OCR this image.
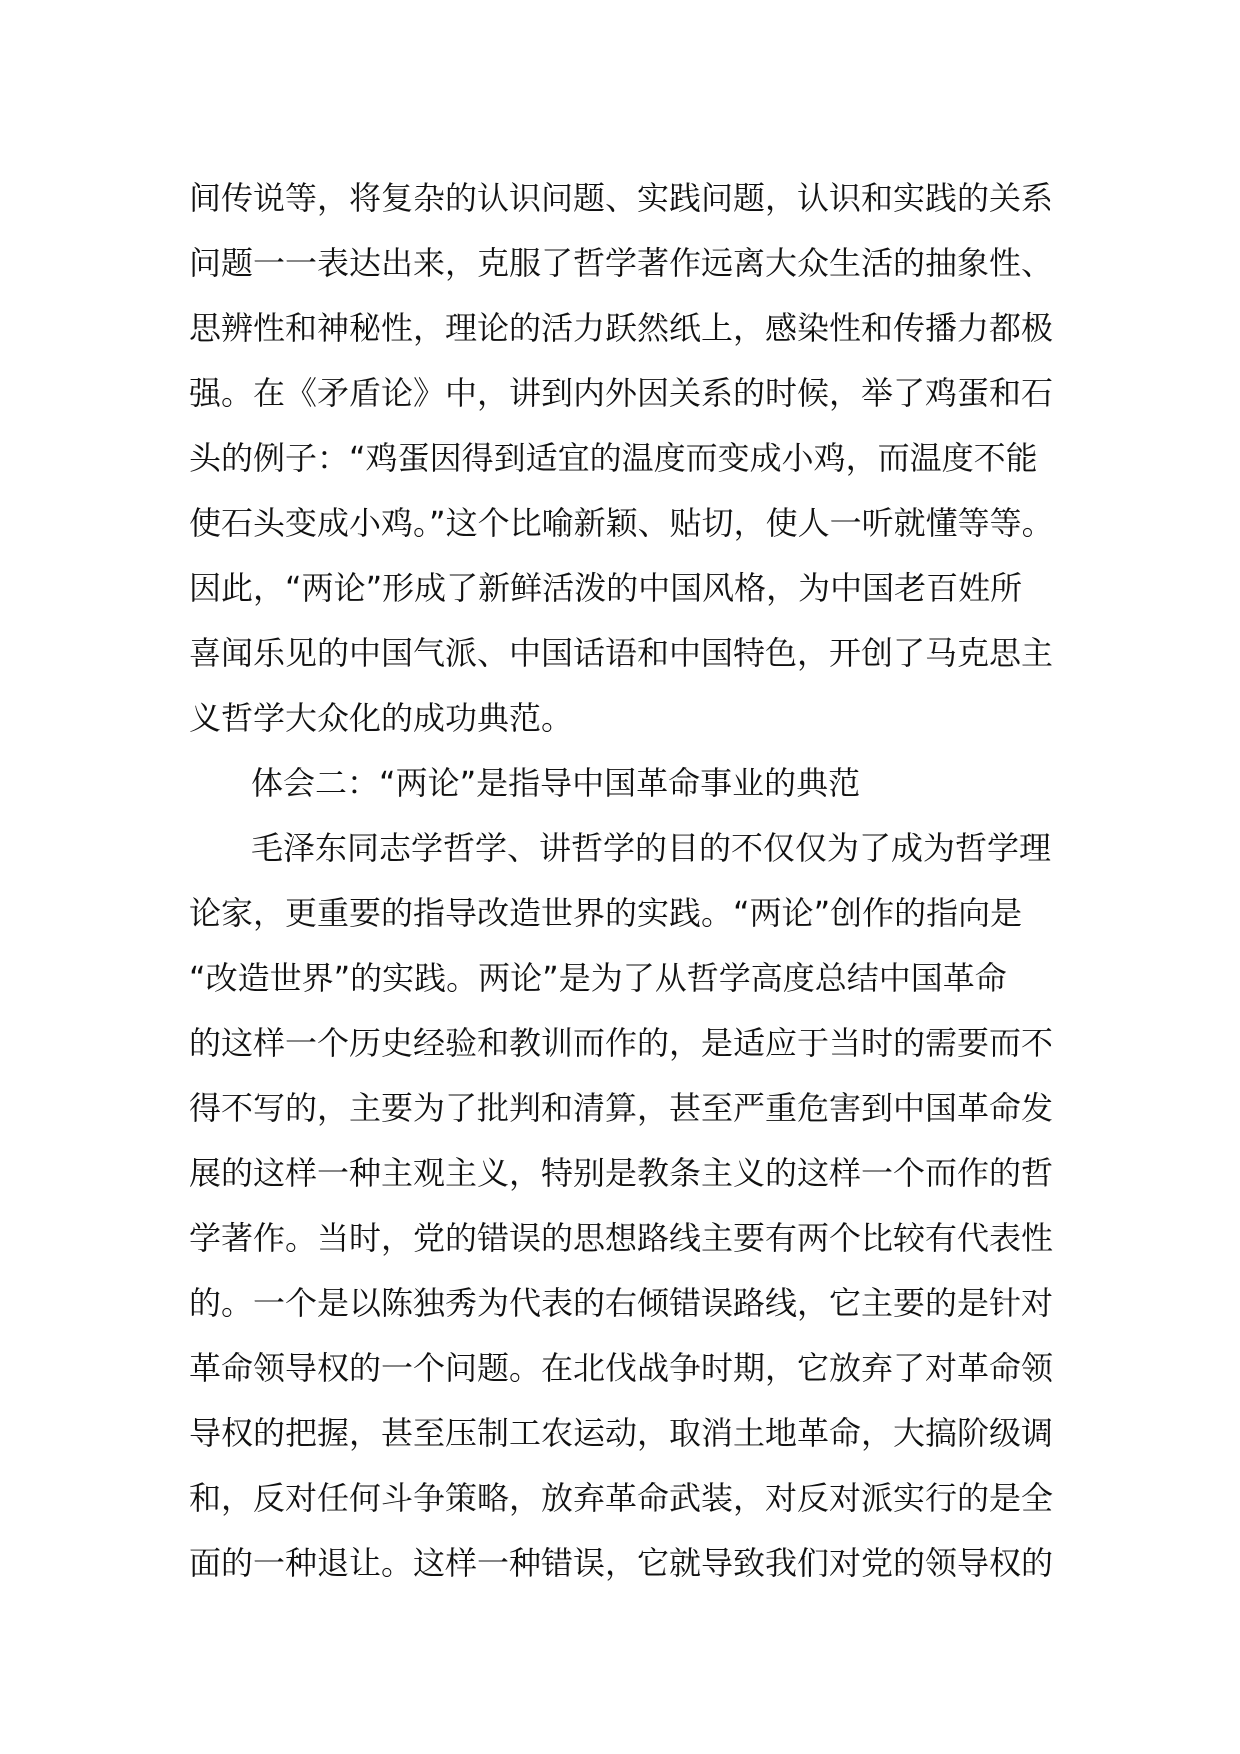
间传说等，将复杂的认识问题、实践问题，认识和实践的关系
问题一一表达出来，克服了哲学著作远离大众生活的抽象性、
思辨性和神秘性，理论的活力跃然纸上，感染性和传播力都极
强。在《矛盾论》中，讲到内外因关系的时候，举了鸡蛋和石
头的例子：“鸡蛋因得到适宜的温度而变成小鸡，而温度不能
使石头变成小鸡。”这个比喻新颖、贴切，使人一听就懂等等。
因此，“两论”形成了新鲜活泼的中国风格，为中国老百姓所
喜闻乐见的中国气派、中国话语和中国特色，开创了马克思主
义哲学大众化的成功典范。
体会二：“两论”是指导中国革命事业的典范
毛泽东同志学哲学、讲哲学的目的不仅仅为了成为哲学理
论家，更重要的指导改造世界的实践。“两论”创作的指向是
“改造世界”的实践。两论”是为了从哲学高度总结中国革命
的这样一个历史经验和教训而作的，是适应于当时的需要而不
得不写的，主要为了批判和清算，甚至严重危害到中国革命发
展的这样一种主观主义，特别是教条主义的这样一个而作的哲
学著作。当时，党的错误的思想路线主要有两个比较有代表性
的。一个是以陈独秀为代表的右倾错误路线，它主要的是针对
革命领导权的一个问题。在北伐战争时期，它放弃了对革命领
导权的把握，甚至压制工农运动，取消土地革命，大搞阶级调
和，反对任何斗争策略，放弃革命武装，对反对派实行的是全
面的一种退让。这样一种错误，它就导致我们对党的领导权的
